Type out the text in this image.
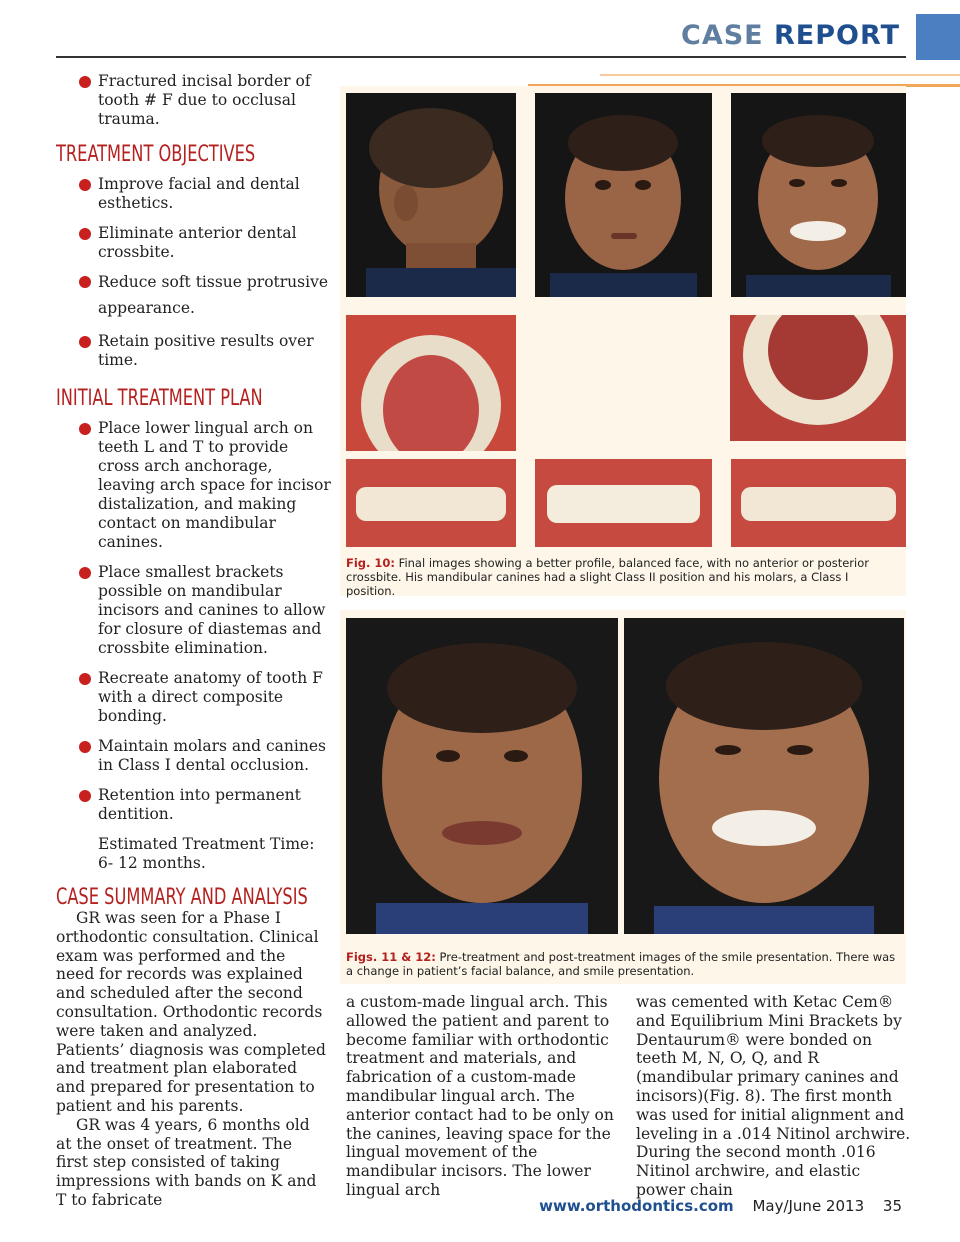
CASE REPORT
Fractured incisal border of tooth # F due to occlusal trauma.
TREATMENT OBJECTIVES
Improve facial and dental esthetics.
Eliminate anterior dental crossbite.
Reduce soft tissue protrusive appearance.
Retain positive results over time.
INITIAL TREATMENT PLAN
Place lower lingual arch on teeth L and T to provide cross arch anchorage, leaving arch space for incisor distalization, and making contact on mandibular canines.
Place smallest brackets possible on mandibular incisors and canines to allow for closure of diastemas and crossbite elimination.
Recreate anatomy of tooth F with a direct composite bonding.
Maintain molars and canines in Class I dental occlusion.
Retention into permanent dentition.
Estimated Treatment Time:
6- 12 months.
CASE SUMMARY AND ANALYSIS

GR was seen for a Phase I orthodontic consultation. Clinical exam was performed and the need for records was explained and scheduled after the second consultation. Orthodontic records were taken and analyzed. Patients’ diagnosis was completed and treatment plan elaborated and prepared for presentation to patient and his parents.

GR was 4 years, 6 months old at the onset of treatment. The first step consisted of taking impressions with bands on K and T to fabricate

Fig. 10: Final images showing a better profile, balanced face, with no anterior or posterior crossbite. His mandibular canines had a slight Class II position and his molars, a Class I position.
Figs. 11 & 12: Pre-treatment and post-treatment images of the smile presentation. There was a change in patient’s facial balance, and smile presentation.
a custom-made lingual arch. This allowed the patient and parent to become familiar with orthodontic treatment and materials, and fabrication of a custom-made mandibular lingual arch. The anterior contact had to be only on the canines, leaving space for the lingual movement of the mandibular incisors. The lower lingual arch
was cemented with Ketac Cem® and Equilibrium Mini Brackets by Dentaurum® were bonded on teeth M, N, O, Q, and R (mandibular primary canines and incisors)(Fig. 8). The first month was used for initial alignment and leveling in a .014 Nitinol archwire. During the second month .016 Nitinol archwire, and elastic power chain
www.orthodontics.com May/June 2013 35
